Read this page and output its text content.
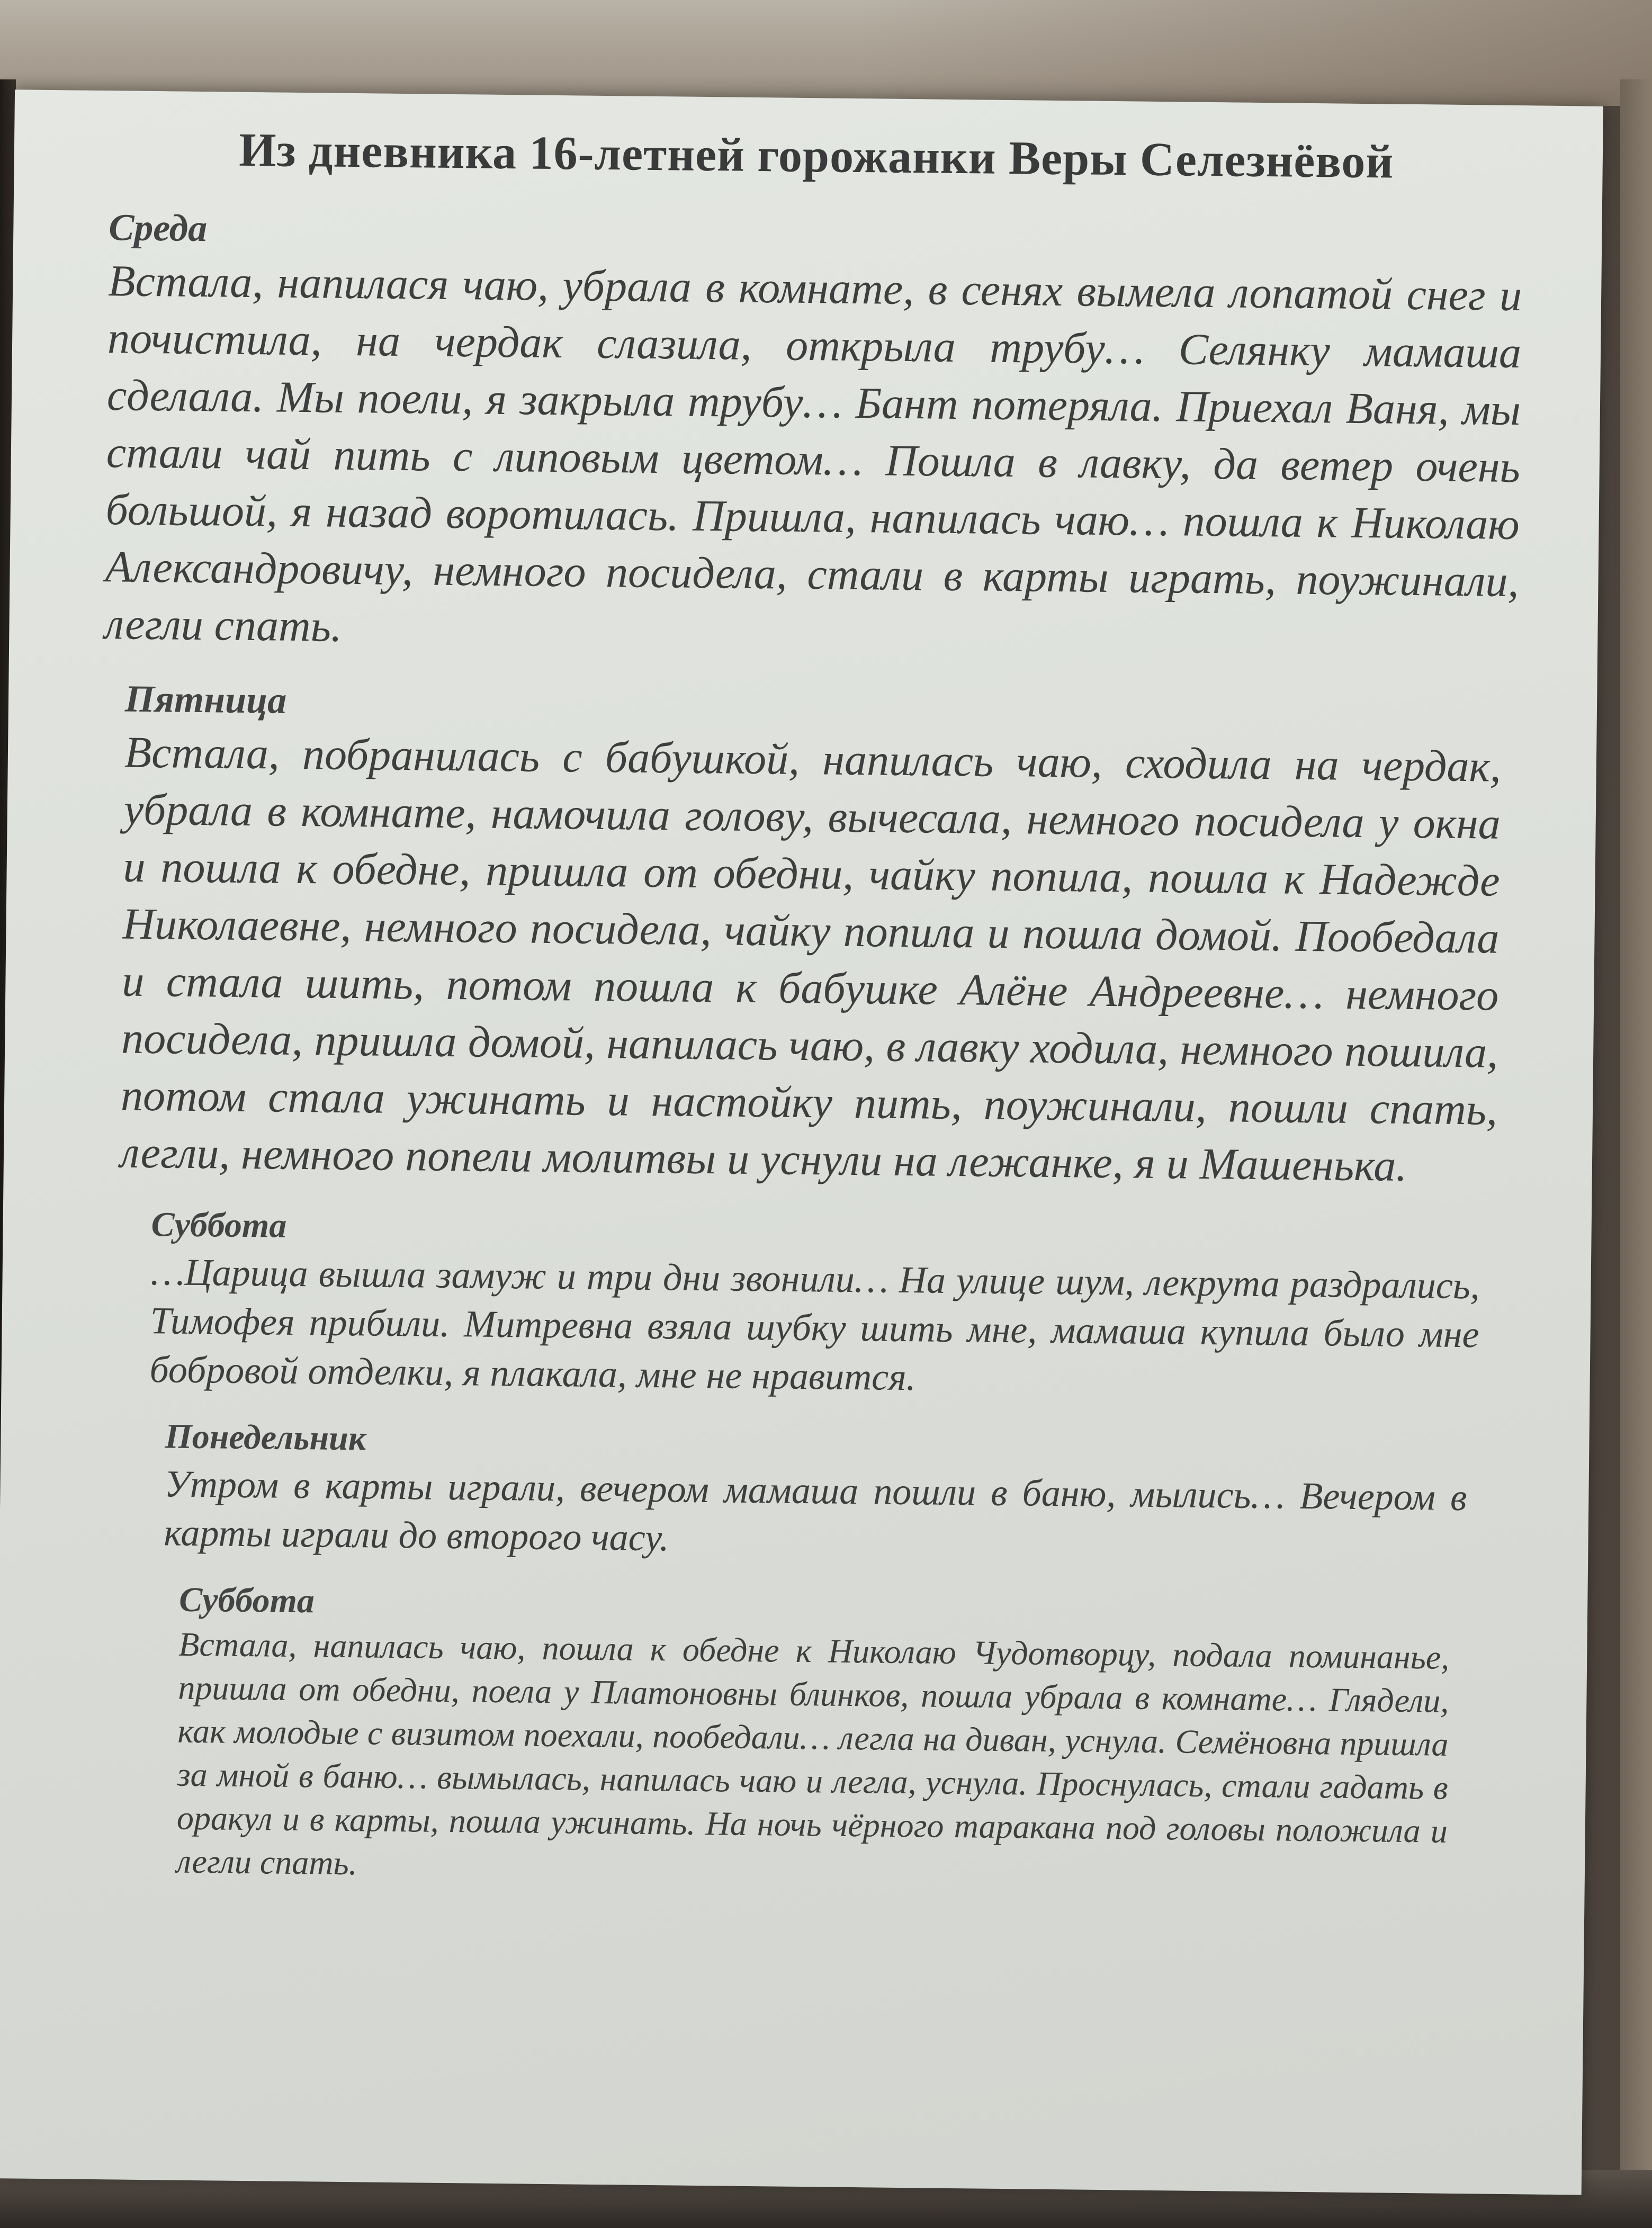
Из дневника 16-летней горожанки Веры Селезнёвой

Среда

Встала, напилася чаю, убрала в комнате, в сенях вымела лопатой снег и почистила, на чердак слазила, открыла трубу… Селянку мамаша сделала. Мы поели, я закрыла трубу… Бант потеряла. Приехал Ваня, мы стали чай пить с липовым цветом… Пошла в лавку, да ветер очень большой, я назад воротилась. Пришла, напилась чаю… пошла к Николаю Александровичу, немного посидела, стали в карты играть, поужинали, легли спать.

Пятница

Встала, побранилась с бабушкой, напилась чаю, сходила на чердак, убрала в комнате, намочила голову, вычесала, немного посидела у окна и пошла к обедне, пришла от обедни, чайку попила, пошла к Надежде Николаевне, немного посидела, чайку попила и пошла домой. Пообедала и стала шить, потом пошла к бабушке Алёне Андреевне… немного посидела, пришла домой, напилась чаю, в лавку ходила, немного пошила, потом стала ужинать и настойку пить, поужинали, пошли спать, легли, немного попели молитвы и уснули на лежанке, я и Машенька.

Суббота

…Царица вышла замуж и три дни звонили… На улице шум, лекрута раздрались, Тимофея прибили. Митревна взяла шубку шить мне, мамаша купила было мне бобровой отделки, я плакала, мне не нравится.

Понедельник

Утром в карты играли, вечером мамаша пошли в баню, мылись… Вечером в карты играли до второго часу.

Суббота

Встала, напилась чаю, пошла к обедне к Николаю Чудотворцу, подала поминанье, пришла от обедни, поела у Платоновны блинков, пошла убрала в комнате… Глядели, как молодые с визитом поехали, пообедали… легла на диван, уснула. Семёновна пришла за мной в баню… вымылась, напилась чаю и легла, уснула. Проснулась, стали гадать в оракул и в карты, пошла ужинать. На ночь чёрного таракана под головы положила и легли спать.
